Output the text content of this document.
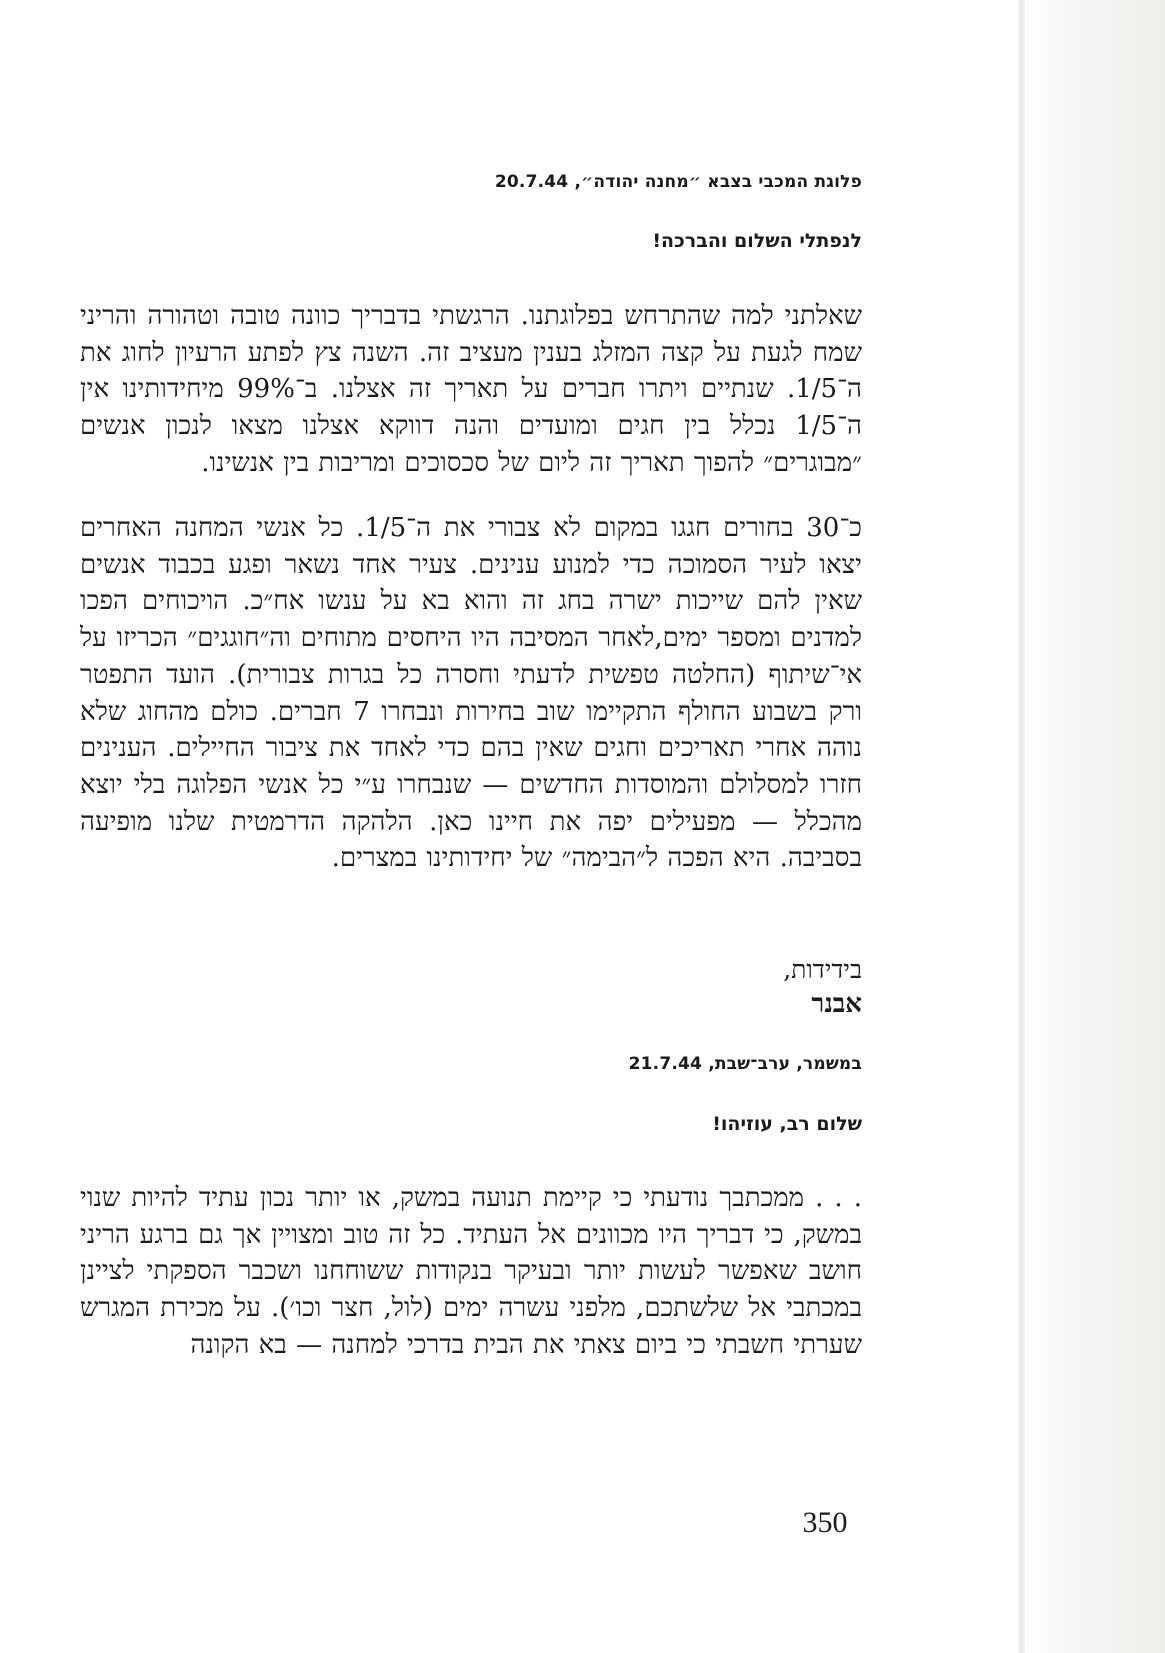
פלוגת המכבי בצבא ״מחנה יהודה״, 20.7.44
לנפתלי השלום והברכה!

שאלתני למה שהתרחש בפלוגתנו. הרגשתי בדבריך כוונה טובה וטהורה והריני שמח לגעת על קצה המזלג בענין מעציב זה. השנה צץ לפתע הרעיון לחוג את ה־1/5. שנתיים ויתרו חברים על תאריך זה אצלנו. ב־99% מיחידותינו אין ה־1/5 נכלל בין חגים ומועדים והנה דווקא אצלנו מצאו לנכון אנשים ״מבוגרים״ להפוך תאריך זה ליום של סכסוכים ומריבות בין אנשינו.

כ־30 בחורים חגגו במקום לא צבורי את ה־1/5. כל אנשי המחנה האחרים יצאו לעיר הסמוכה כדי למנוע ענינים. צעיר אחד נשאר ופגע בכבוד אנשים שאין להם שייכות ישרה בחג זה והוא בא על ענשו אח״כ. הויכוחים הפכו למדנים ומספר ימים,לאחר המסיבה היו היחסים מתוחים וה״חוגגים״ הכריזו על אי־שיתוף (החלטה טפשית לדעתי וחסרה כל בגרות צבורית). הועד התפטר ורק בשבוע החולף התקיימו שוב בחירות ונבחרו 7 חברים. כולם מהחוג שלא נוהה אחרי תאריכים וחגים שאין בהם כדי לאחד את ציבור החיילים. הענינים חזרו למסלולם והמוסדות החדשים — שנבחרו ע״י כל אנשי הפלוגה בלי יוצא מהכלל — מפעילים יפה את חיינו כאן. הלהקה הדרמטית שלנו מופיעה בסביבה. היא הפכה ל״הבימה״ של יחידותינו במצרים.

בידידות,
אבנר
במשמר, ערב־שבת, 21.7.44
שלום רב, עוזיהו!

. . . ממכתבך נודעתי כי קיימת תנועה במשק, או יותר נכון עתיד להיות שנוי במשק, כי דבריך היו מכוונים אל העתיד. כל זה טוב ומצויין אך גם ברגע הריני חושב שאפשר לעשות יותר ובעיקר בנקודות ששוחחנו ושכבר הספקתי לציינן במכתבי אל שלשתכם, מלפני עשרה ימים (לול, חצר וכו׳). על מכירת המגרש שערתי חשבתי כי ביום צאתי את הבית בדרכי למחנה — בא הקונה

350
